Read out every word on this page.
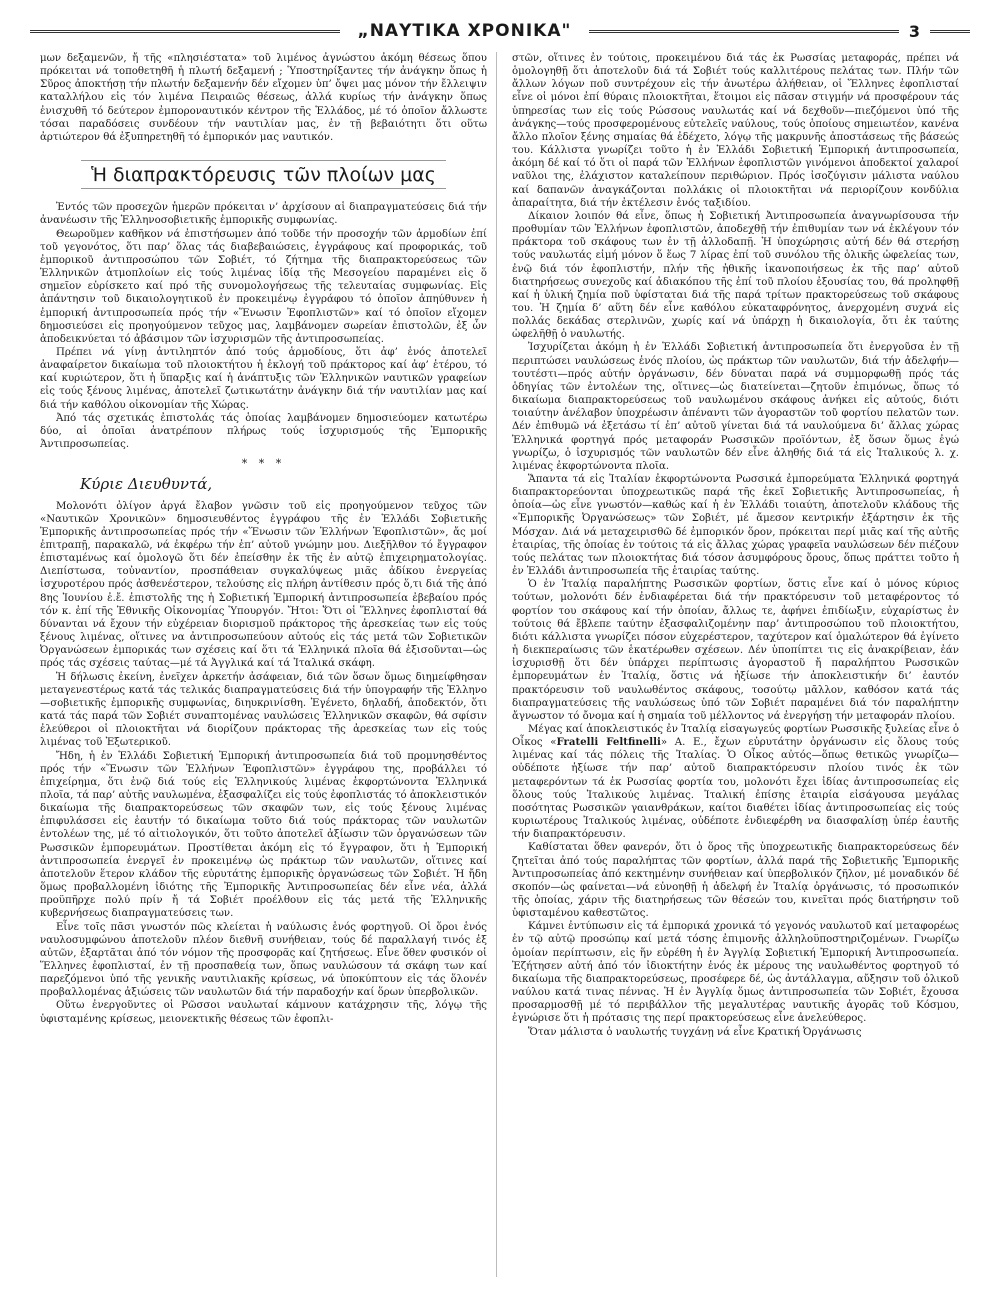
„ΝΑΥΤΙΚΑ ΧΡΟΝΙΚΑ"	3

μων δεξαμενῶν, ἤ τῆς «πλησιέστατα» τοῦ λιμένος ἀγνώστου ἀκόμη θέσεως ὅπου πρόκειται νά τοποθετηθῆ ἡ πλωτή δεξαμενή ; Ὑποστηρίξαντες τήν ἀνάγκην ὅπως ἡ Σῦρος ἀποκτήσῃ τήν πλωτήν δεξαμενήν δέν εἴχομεν ὑπ’ ὄψει μας μόνον τήν ἔλλειψιν καταλλήλου εἰς τόν λιμένα Πειραιῶς θέσεως, ἀλλά κυρίως τήν ἀνάγκην ὅπως ἐνισχυθῆ τό δεύτερον ἐμποροναυτικόν κέντρον τῆς Ἑλλάδος, μέ τό ὁποῖον ἄλλωστε τόσαι παραδόσεις συνδέουν τήν ναυτιλίαν μας, ἐν τῇ βεβαιότητι ὅτι οὕτω ἀρτιώτερον θά ἐξυπηρετηθῆ τό ἐμπορικόν μας ναυτικόν.

Ἡ διαπρακτόρευσις τῶν πλοίων μας

Ἐντός τῶν προσεχῶν ἡμερῶν πρόκειται ν’ ἀρχίσουν αἱ διαπραγματεύσεις διά τήν ἀνανέωσιν τῆς Ἑλληνοσοβιετικῆς ἐμπορικῆς συμφωνίας.

Θεωροῦμεν καθῆκον νά ἐπιστήσωμεν ἀπό τοῦδε τήν προσοχήν τῶν ἁρμοδίων ἐπί τοῦ γεγονότος, ὅτι παρ’ ὅλας τάς διαβεβαιώσεις, ἐγγράφους καί προφορικάς, τοῦ ἐμπορικοῦ ἀντιπροσώπου τῶν Σοβιέτ, τό ζήτημα τῆς διαπρακτορεύσεως τῶν Ἑλληνικῶν ἀτμοπλοίων εἰς τούς λιμένας ἰδίᾳ τῆς Μεσογείου παραμένει εἰς ὅ σημεῖον εὑρίσκετο καί πρό τῆς συνομολογήσεως τῆς τελευταίας συμφωνίας. Εἰς ἀπάντησιν τοῦ δικαιολογητικοῦ ἐν προκειμένῳ ἐγγράφου τό ὁποῖον ἀπηύθυνεν ἡ ἐμπορική ἀντιπροσωπεία πρός τήν «Ἕνωσιν Ἐφοπλιστῶν» καί τό ὁποῖον εἴχομεν δημοσιεύσει εἰς προηγούμενον τεῦχος μας, λαμβάνομεν σωρείαν ἐπιστολῶν, ἐξ ὧν ἀποδεικνύεται τό ἀβάσιμον τῶν ἰσχυρισμῶν τῆς ἀντιπροσωπείας.

Πρέπει νά γίνῃ ἀντιληπτόν ἀπό τούς ἁρμοδίους, ὅτι ἀφ’ ἑνός ἀποτελεῖ ἀναφαίρετον δικαίωμα τοῦ πλοιοκτήτου ἡ ἐκλογή τοῦ πράκτορος καί ἀφ’ ἑτέρου, τό καί κυριώτερον, ὅτι ἡ ὕπαρξις καί ἡ ἀνάπτυξις τῶν Ἑλληνικῶν ναυτικῶν γραφείων εἰς τούς ξένους λιμένας, ἀποτελεῖ ζωτικωτάτην ἀνάγκην διά τήν ναυτιλίαν μας καί διά τήν καθόλου οἰκονομίαν τῆς Χώρας.

Ἀπό τάς σχετικάς ἐπιστολάς τάς ὁποίας λαμβάνομεν δημοσιεύομεν κατωτέρω δύο, αἱ ὁποῖαι ἀνατρέπουν πλήρως τούς ἰσχυρισμούς τῆς Ἐμπορικῆς Ἀντιπροσωπείας.

* * *
Κύριε Διευθυντά,

Μολονότι ὀλίγον ἀργά ἔλαβον γνῶσιν τοῦ εἰς προηγούμενον τεῦχος τῶν «Ναυτικῶν Χρονικῶν» δημοσιευθέντος ἐγγράφου τῆς ἐν Ἑλλάδι Σοβιετικῆς Ἐμπορικῆς ἀντιπροσωπείας πρός τήν «Ἕνωσιν τῶν Ἑλλήνων Ἐφοπλιστῶν», ἄς μοί ἐπιτραπῇ, παρακαλῶ, νά ἐκφέρω τήν ἐπ’ αὐτοῦ γνώμην μου. Διεξῆλθον τό ἔγγραφον ἐπισταμένως καί ὁμολογῶ ὅτι δέν ἐπείσθην ἐκ τῆς ἐν αὐτῷ ἐπιχειρηματολογίας. Διεπίστωσα, τοὐναντίον, προσπάθειαν συγκαλύψεως μιᾶς ἀδίκου ἐνεργείας ἰσχυροτέρου πρός ἀσθενέστερον, τελούσης εἰς πλήρη ἀντίθεσιν πρός ὅ,τι διά τῆς ἀπό 8ης Ἰουνίου ἐ.ἔ. ἐπιστολῆς της ἡ Σοβιετική Ἐμπορική ἀντιπροσωπεία ἐβεβαίου πρός τόν κ. ἐπί τῆς Ἐθνικῆς Οἰκονομίας Ὑπουργόν. Ἤτοι: Ὅτι οἱ Ἕλληνες ἐφοπλισταί θά δύνανται νά ἔχουν τήν εὐχέρειαν διορισμοῦ πράκτορος τῆς ἀρεσκείας των εἰς τούς ξένους λιμένας, οἵτινες να ἀντιπροσωπεύουν αὐτούς εἰς τάς μετά τῶν Σοβιετικῶν Ὀργανώσεων ἐμπορικάς των σχέσεις καί ὅτι τά Ἑλληνικά πλοῖα θά ἐξισοῦνται—ὡς πρός τάς σχέσεις ταύτας—μέ τά Ἀγγλικά καί τά Ἰταλικά σκάφη.

Ἡ δήλωσις ἐκείνη, ἐνεῖχεν ἀρκετήν ἀσάφειαν, διά τῶν ὅσων ὅμως διημείφθησαν μεταγενεστέρως κατά τάς τελικάς διαπραγματεύσεις διά τήν ὑπογραφήν τῆς Ἑλληνο—σοβιετικῆς ἐμπορικῆς συμφωνίας, διηυκρινίσθη. Ἐγένετο, δηλαδή, ἀποδεκτόν, ὅτι κατά τάς παρά τῶν Σοβιέτ συναπτομένας ναυλώσεις Ἑλληνικῶν σκαφῶν, θά σφίσιν ἐλεύθεροι οἱ πλοιοκτῆται νά διορίζουν πράκτορας τῆς ἀρεσκείας των εἰς τούς λιμένας τοῦ Ἐξωτερικοῦ.

Ἤδη, ἡ ἐν Ἑλλάδι Σοβιετική Ἐμπορική ἀντιπροσωπεία διά τοῦ προμνησθέντος πρός τήν «Ἕνωσιν τῶν Ἑλλήνων Ἐφοπλιστῶν» ἐγγράφου της, προβάλλει τό ἐπιχείρημα, ὅτι ἐνῷ διά τούς εἰς Ἑλληνικούς λιμένας ἐκφορτώνοντα Ἑλληνικά πλοῖα, τά παρ’ αὐτῆς ναυλωμένα, ἐξασφαλίζει εἰς τούς ἐφοπλιστάς τό ἀποκλειστικόν δικαίωμα τῆς διαπρακτορεύσεως τῶν σκαφῶν των, εἰς τούς ξένους λιμένας ἐπιφυλάσσει εἰς ἑαυτήν τό δικαίωμα τοῦτο διά τούς πράκτορας τῶν ναυλωτῶν ἐντολέων της, μέ τό αἰτιολογικόν, ὅτι τοῦτο ἀποτελεῖ ἀξίωσιν τῶν ὀργανώσεων τῶν Ρωσσικῶν ἐμπορευμάτων. Προστίθεται ἀκόμη εἰς τό ἔγγραφον, ὅτι ἡ Ἐμπορική ἀντιπροσωπεία ἐνεργεῖ ἐν προκειμένῳ ὡς πράκτωρ τῶν ναυλωτῶν, οἵτινες καί ἀποτελοῦν ἕτερον κλάδον τῆς εὐρυτάτης ἐμπορικῆς ὀργανώσεως τῶν Σοβιέτ. Ἡ ἤδη ὅμως προβαλλομένη ἰδιότης τῆς Ἐμπορικῆς Ἀντιπροσωπείας δέν εἶνε νέα, ἀλλά προϋπῆρχε πολύ πρίν ἤ τά Σοβιέτ προέλθουν εἰς τάς μετά τῆς Ἑλληνικῆς κυβερνήσεως διαπραγματεύσεις των.

Εἶνε τοῖς πᾶσι γνωστόν πῶς κλείεται ἡ ναύλωσις ἑνός φορτηγοῦ. Οἱ ὅροι ἑνός ναυλοσυμφώνου ἀποτελοῦν πλέον διεθνῆ συνήθειαν, τούς δέ παραλλαγή τινός ἐξ αὐτῶν, ἐξαρτᾶται ἀπό τόν νόμον τῆς προσφορᾶς καί ζητήσεως. Εἶνε ὅθεν φυσικόν οἱ Ἕλληνες ἐφοπλισταί, ἐν τῇ προσπαθείᾳ των, ὅπως ναυλώσουν τά σκάφη των καί παρεζόμενοι ὑπό τῆς γενικῆς ναυτιλιακῆς κρίσεως, νά ὑποκύπτουν εἰς τάς ὅλονέν προβαλλομένας ἀξιώσεις τῶν ναυλωτῶν διά τήν παραδοχήν καί ὅρων ὑπερβολικῶν.

Οὕτω ἐνεργοῦντες οἱ Ρῶσσοι ναυλωταί κάμνουν κατάχρησιν τῆς, λόγῳ τῆς ὑφισταμένης κρίσεως, μειονεκτικῆς θέσεως τῶν ἐφοπλι-

στῶν, οἵτινες ἐν τούτοις, προκειμένου διά τάς ἐκ Ρωσσίας μεταφοράς, πρέπει νά ὁμολογηθῇ ὅτι ἀποτελοῦν διά τά Σοβιέτ τούς καλλιτέρους πελάτας των. Πλήν τῶν ἄλλων λόγων ποῦ συντρέχουν εἰς τήν ἀνωτέρω ἀλήθειαν, οἱ Ἕλληνες ἐφοπλισταί εἶνε οἱ μόνοι ἐπί θύραις πλοιοκτῆται, ἕτοιμοι εἰς πᾶσαν στιγμήν νά προσφέρουν τάς ὑπηρεσίας των εἰς τούς Ρώσσους ναυλωτάς καί νά δεχθοῦν—πιεζόμενοι ὑπό τῆς ἀνάγκης—τούς προσφερομένους εὐτελεῖς ναύλους, τούς ὁποίους σημειωτέον, κανένα ἄλλο πλοῖον ξένης σημαίας θά ἐδέχετο, λόγῳ τῆς μακρυνῆς ἀποστάσεως τῆς βάσεώς του. Κάλλιστα γνωρίζει τοῦτο ἡ ἐν Ἑλλάδι Σοβιετική Ἐμπορική ἀντιπροσωπεία, ἀκόμη δέ καί τό ὅτι οἱ παρά τῶν Ἑλλήνων ἐφοπλιστῶν γινόμενοι ἀποδεκτοί χαλαροί ναῦλοι της, ἐλάχιστον καταλείπουν περιθώριον. Πρός ἰσοζύγισιν μάλιστα ναύλου καί δαπανῶν ἀναγκάζονται πολλάκις οἱ πλοιοκτῆται νά περιορίζουν κονδύλια ἀπαραίτητα, διά τήν ἐκτέλεσιν ἑνός ταξιδίου.

Δίκαιον λοιπόν θά εἶνε, ὅπως ἡ Σοβιετική Ἀντιπροσωπεία ἀναγνωρίσουσα τήν προθυμίαν τῶν Ἑλλήνων ἐφοπλιστῶν, ἀποδεχθῇ τήν ἐπιθυμίαν των νά ἐκλέγουν τόν πράκτορα τοῦ σκάφους των ἐν τῇ ἀλλοδαπῇ. Ἡ ὑποχώρησις αὐτή δέν θά στερήσῃ τούς ναυλωτάς εἰμή μόνον ὅ ἕως 7 λίρας ἐπί τοῦ συνόλου τῆς ὁλικῆς ὠφελείας των, ἐνῷ διά τόν ἐφοπλιστήν, πλήν τῆς ἠθικῆς ἱκανοποιήσεως ἐκ τῆς παρ’ αὐτοῦ διατηρήσεως συνεχοῦς καί ἀδιακόπου τῆς ἐπί τοῦ πλοίου ἐξουσίας του, θά προληφθῇ καί ἡ ὑλική ζημία ποῦ ὑφίσταται διά τῆς παρά τρίτων πρακτορεύσεως τοῦ σκάφους του. Ἡ ζημία δ’ αὕτη δέν εἶνε καθόλου εὐκαταφρόνητος, ἀνερχομένη συχνά εἰς πολλάς δεκάδας στερλινῶν, χωρίς καί νά ὑπάρχῃ ἡ δικαιολογία, ὅτι ἐκ ταύτης ὠφελῆθῇ ὁ ναυλωτής.

Ἰσχυρίζεται ἀκόμη ἡ ἐν Ἑλλάδι Σοβιετική ἀντιπροσωπεία ὅτι ἐνεργοῦσα ἐν τῇ περιπτώσει ναυλώσεως ἑνός πλοίου, ὡς πράκτωρ τῶν ναυλωτῶν, διά τήν ἀδελφήν—τουτέστι—πρός αὐτήν ὀργάνωσιν, δέν δύναται παρά νά συμμορφωθῇ πρός τάς ὁδηγίας τῶν ἐντολέων της, οἵτινες—ὡς διατείνεται—ζητοῦν ἐπιμόνως, ὅπως τό δικαίωμα διαπρακτορεύσεως τοῦ ναυλωμένου σκάφους ἀνήκει εἰς αὐτούς, διότι τοιαύτην ἀνέλαβον ὑποχρέωσιν ἀπέναντι τῶν ἀγοραστῶν τοῦ φορτίου πελατῶν των. Δέν ἐπιθυμῶ νά ἐξετάσω τί ἐπ’ αὐτοῦ γίνεται διά τά ναυλούμενα δι’ ἄλλας χώρας Ἑλληνικά φορτηγά πρός μεταφοράν Ρωσσικῶν προϊόντων, ἐξ ὅσων ὅμως ἐγώ γνωρίζω, ὁ ἰσχυρισμός τῶν ναυλωτῶν δέν εἶνε ἀληθής διά τά εἰς Ἰταλικούς λ. χ. λιμένας ἐκφορτώνοντα πλοῖα.

Ἅπαντα τά εἰς Ἰταλίαν ἐκφορτώνοντα Ρωσσικά ἐμπορεύματα Ἑλληνικά φορτηγά διαπρακτορεύονται ὑποχρεωτικῶς παρά τῆς ἐκεῖ Σοβιετικῆς Ἀντιπροσωπείας, ἡ ὁποία—ὡς εἶνε γνωστόν—καθώς καί ἡ ἐν Ἑλλάδι τοιαύτη, ἀποτελοῦν κλάδους τῆς «Ἐμπορικῆς Ὀργανώσεως» τῶν Σοβιέτ, μέ ἄμεσον κεντρικήν ἐξάρτησιν ἐκ τῆς Μόσχαν. Διά νά μεταχειρισθῶ δέ ἐμπορικόν ὅρον, πρόκειται περί μιᾶς καί τῆς αὐτῆς ἑταιρίας, τῆς ὁποίας ἐν τούτοις τά εἰς ἄλλας χώρας γραφεῖα ναυλώσεων δέν πιέζουν τούς πελάτας των πλοιοκτήτας διά τόσον ἀσυμφόρους ὅρους, ὅπως πράττει τοῦτο ἡ ἐν Ἑλλάδι ἀντιπροσωπεία τῆς ἑταιρίας ταύτης.

Ὁ ἐν Ἰταλίᾳ παραλήπτης Ρωσσικῶν φορτίων, ὅστις εἶνε καί ὁ μόνος κύριος τούτων, μολονότι δέν ἐνδιαφέρεται διά τήν πρακτόρευσιν τοῦ μεταφέροντος τό φορτίον του σκάφους καί τήν ὁποίαν, ἄλλως τε, ἀφήνει ἐπιδίωξιν, εὐχαρίστως ἐν τούτοις θά ἔβλεπε ταύτην ἐξασφαλιζομένην παρ’ ἀντιπροσώπου τοῦ πλοιοκτήτου, διότι κάλλιστα γνωρίζει πόσον εὐχερέστερον, ταχύτερον καί ὁμαλώτερον θά ἐγίνετο ἡ διεκπεραίωσις τῶν ἑκατέρωθεν σχέσεων. Δέν ὑποπίπτει τις εἰς ἀνακρίβειαν, ἐάν ἰσχυρισθῇ ὅτι δέν ὑπάρχει περίπτωσις ἀγοραστοῦ ἤ παραλήπτου Ρωσσικῶν ἐμπορευμάτων ἐν Ἰταλίᾳ, ὅστις νά ἠξίωσε τήν ἀποκλειστικήν δι’ ἑαυτόν πρακτόρευσιν τοῦ ναυλωθέντος σκάφους, τοσούτῳ μᾶλλον, καθόσον κατά τάς διαπραγματεύσεις τῆς ναυλώσεως ὑπό τῶν Σοβιέτ παραμένει διά τόν παραλήπτην ἄγνωστον τό ὄνομα καί ἡ σημαία τοῦ μέλλοντος νά ἐνεργήσῃ τήν μεταφοράν πλοίου.

Μέγας καί ἀποκλειστικός ἐν Ἰταλίᾳ εἰσαγωγεύς φορτίων Ρωσσικῆς ξυλείας εἶνε ὁ Οἶκος «Fratelli Feltfinelli» Α. Ε., ἔχων εὐρυτάτην ὀργάνωσιν εἰς ὅλους τούς λιμένας καί τάς πόλεις τῆς Ἰταλίας. Ὁ Οἶκος αὐτός—ὅπως θετικῶς γνωρίζω—οὐδέποτε ἠξίωσε τήν παρ’ αὐτοῦ διαπρακτόρευσιν πλοίου τινός ἐκ τῶν μεταφερόντων τά ἐκ Ρωσσίας φορτία του, μολονότι ἔχει ἰδίας ἀντιπροσωπείας εἰς ὅλους τούς Ἰταλικούς λιμένας. Ἰταλική ἐπίσης ἑταιρία εἰσάγουσα μεγάλας ποσότητας Ρωσσικῶν γαιανθράκων, καίτοι διαθέτει ἰδίας ἀντιπροσωπείας εἰς τούς κυριωτέρους Ἰταλικούς λιμένας, οὐδέποτε ἐνδιεφέρθη να διασφαλίσῃ ὑπέρ ἑαυτῆς τήν διαπρακτόρευσιν.

Καθίσταται ὅθεν φανερόν, ὅτι ὁ ὅρος τῆς ὑποχρεωτικῆς διαπρακτορεύσεως δέν ζητεῖται ἀπό τούς παραλήπτας τῶν φορτίων, ἀλλά παρά τῆς Σοβιετικῆς Ἐμπορικῆς Ἀντιπροσωπείας ἀπό κεκτημένην συνήθειαν καί ὑπερβολικόν ζῆλον, μέ μοναδικόν δέ σκοπόν—ὡς φαίνεται—νά εὐνοηθῇ ἡ ἀδελφή ἐν Ἰταλίᾳ ὀργάνωσις, τό προσωπικόν τῆς ὁποίας, χάριν τῆς διατηρήσεως τῶν θέσεών του, κινεῖται πρός διατήρησιν τοῦ ὑφισταμένου καθεστῶτος.

Κάμνει ἐντύπωσιν εἰς τά ἐμπορικά χρονικά τό γεγονός ναυλωτοῦ καί μεταφορέως ἐν τῷ αὐτῷ προσώπῳ καί μετά τόσης ἐπιμονῆς ἀλληλοϋποστηριζομένων. Γνωρίζω ὁμοίαν περίπτωσιν, εἰς ἥν εὑρέθη ἡ ἐν Ἀγγλίᾳ Σοβιετική Ἐμπορική Ἀντιπροσωπεία. Ἐζήτησεν αὐτή ἀπό τόν ἰδιοκτήτην ἑνός ἐκ μέρους της ναυλωθέντος φορτηγοῦ τό δικαίωμα τῆς διαπρακτορεύσεως, προσέφερε δέ, ὡς ἀντάλλαγμα, αὔξησιν τοῦ ὁλικοῦ ναύλου κατά τινας πέννας. Ἡ ἐν Ἀγγλίᾳ ὅμως ἀντιπροσωπεία τῶν Σοβιέτ, ἔχουσα προσαρμοσθῇ μέ τό περιβάλλον τῆς μεγαλυτέρας ναυτικῆς ἀγορᾶς τοῦ Κόσμου, ἐγνώρισε ὅτι ἡ πρότασις της περί πρακτορεύσεως εἶνε ἀνελεύθερος.

Ὅταν μάλιστα ὁ ναυλωτής τυγχάνῃ νά εἶνε Κρατική Ὀργάνωσις
